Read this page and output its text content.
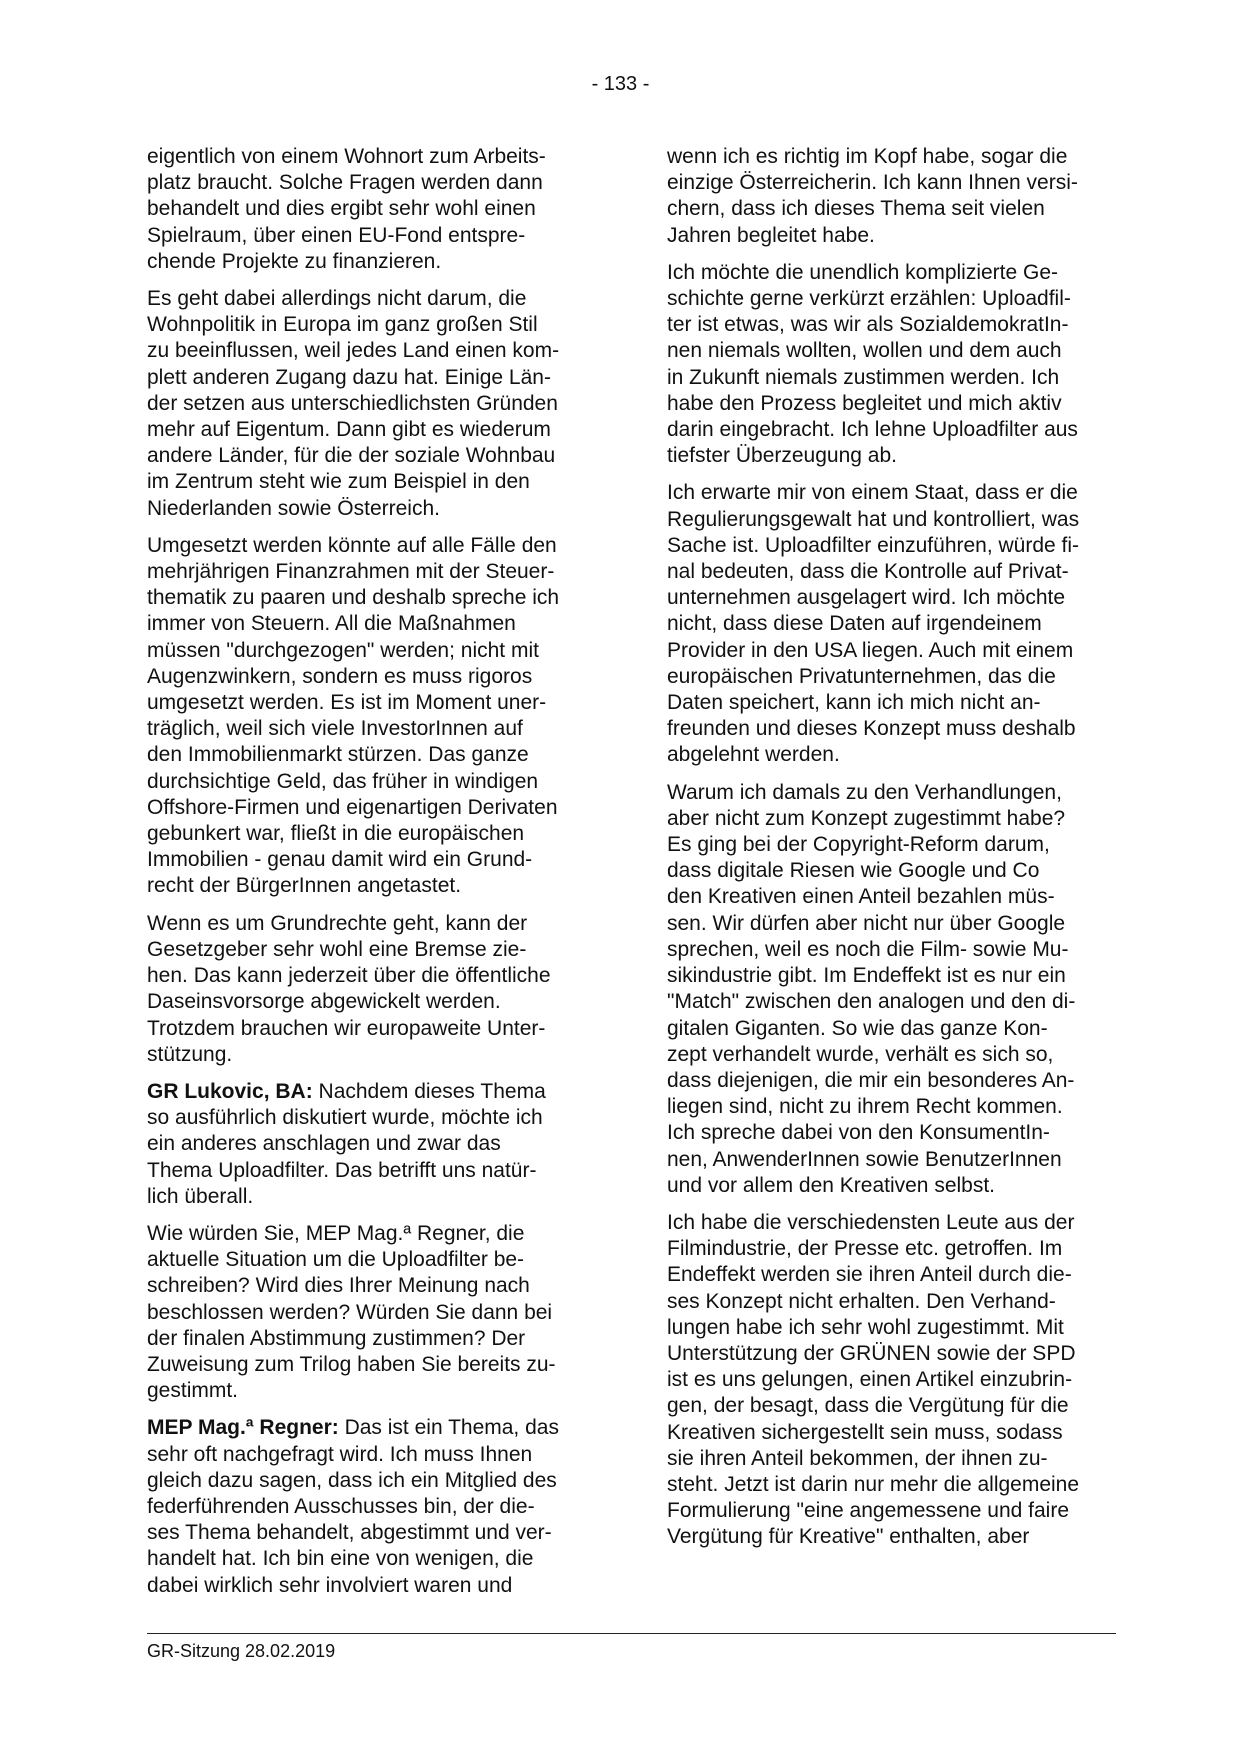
- 133 -

eigentlich von einem Wohnort zum Arbeits-
platz braucht. Solche Fragen werden dann
behandelt und dies ergibt sehr wohl einen
Spielraum, über einen EU-Fond entspre-
chende Projekte zu finanzieren.

Es geht dabei allerdings nicht darum, die
Wohnpolitik in Europa im ganz großen Stil
zu beeinflussen, weil jedes Land einen kom-
plett anderen Zugang dazu hat. Einige Län-
der setzen aus unterschiedlichsten Gründen
mehr auf Eigentum. Dann gibt es wiederum
andere Länder, für die der soziale Wohnbau
im Zentrum steht wie zum Beispiel in den
Niederlanden sowie Österreich.

Umgesetzt werden könnte auf alle Fälle den
mehrjährigen Finanzrahmen mit der Steuer-
thematik zu paaren und deshalb spreche ich
immer von Steuern. All die Maßnahmen
müssen "durchgezogen" werden; nicht mit
Augenzwinkern, sondern es muss rigoros
umgesetzt werden. Es ist im Moment uner-
träglich, weil sich viele InvestorInnen auf
den Immobilienmarkt stürzen. Das ganze
durchsichtige Geld, das früher in windigen
Offshore-Firmen und eigenartigen Derivaten
gebunkert war, fließt in die europäischen
Immobilien - genau damit wird ein Grund-
recht der BürgerInnen angetastet.

Wenn es um Grundrechte geht, kann der
Gesetzgeber sehr wohl eine Bremse zie-
hen. Das kann jederzeit über die öffentliche
Daseinsvorsorge abgewickelt werden.
Trotzdem brauchen wir europaweite Unter-
stützung.

GR Lukovic, BA: Nachdem dieses Thema
so ausführlich diskutiert wurde, möchte ich
ein anderes anschlagen und zwar das
Thema Uploadfilter. Das betrifft uns natür-
lich überall.

Wie würden Sie, MEP Mag.ª Regner, die
aktuelle Situation um die Uploadfilter be-
schreiben? Wird dies Ihrer Meinung nach
beschlossen werden? Würden Sie dann bei
der finalen Abstimmung zustimmen? Der
Zuweisung zum Trilog haben Sie bereits zu-
gestimmt.

MEP Mag.ª Regner: Das ist ein Thema, das
sehr oft nachgefragt wird. Ich muss Ihnen
gleich dazu sagen, dass ich ein Mitglied des
federführenden Ausschusses bin, der die-
ses Thema behandelt, abgestimmt und ver-
handelt hat. Ich bin eine von wenigen, die
dabei wirklich sehr involviert waren und

wenn ich es richtig im Kopf habe, sogar die
einzige Österreicherin. Ich kann Ihnen versi-
chern, dass ich dieses Thema seit vielen
Jahren begleitet habe.

Ich möchte die unendlich komplizierte Ge-
schichte gerne verkürzt erzählen: Uploadfil-
ter ist etwas, was wir als SozialdemokratIn-
nen niemals wollten, wollen und dem auch
in Zukunft niemals zustimmen werden. Ich
habe den Prozess begleitet und mich aktiv
darin eingebracht. Ich lehne Uploadfilter aus
tiefster Überzeugung ab.

Ich erwarte mir von einem Staat, dass er die
Regulierungsgewalt hat und kontrolliert, was
Sache ist. Uploadfilter einzuführen, würde fi-
nal bedeuten, dass die Kontrolle auf Privat-
unternehmen ausgelagert wird. Ich möchte
nicht, dass diese Daten auf irgendeinem
Provider in den USA liegen. Auch mit einem
europäischen Privatunternehmen, das die
Daten speichert, kann ich mich nicht an-
freunden und dieses Konzept muss deshalb
abgelehnt werden.

Warum ich damals zu den Verhandlungen,
aber nicht zum Konzept zugestimmt habe?
Es ging bei der Copyright-Reform darum,
dass digitale Riesen wie Google und Co
den Kreativen einen Anteil bezahlen müs-
sen. Wir dürfen aber nicht nur über Google
sprechen, weil es noch die Film- sowie Mu-
sikindustrie gibt. Im Endeffekt ist es nur ein
"Match" zwischen den analogen und den di-
gitalen Giganten. So wie das ganze Kon-
zept verhandelt wurde, verhält es sich so,
dass diejenigen, die mir ein besonderes An-
liegen sind, nicht zu ihrem Recht kommen.
Ich spreche dabei von den KonsumentIn-
nen, AnwenderInnen sowie BenutzerInnen
und vor allem den Kreativen selbst.

Ich habe die verschiedensten Leute aus der
Filmindustrie, der Presse etc. getroffen. Im
Endeffekt werden sie ihren Anteil durch die-
ses Konzept nicht erhalten. Den Verhand-
lungen habe ich sehr wohl zugestimmt. Mit
Unterstützung der GRÜNEN sowie der SPD
ist es uns gelungen, einen Artikel einzubrin-
gen, der besagt, dass die Vergütung für die
Kreativen sichergestellt sein muss, sodass
sie ihren Anteil bekommen, der ihnen zu-
steht. Jetzt ist darin nur mehr die allgemeine
Formulierung "eine angemessene und faire
Vergütung für Kreative" enthalten, aber

GR-Sitzung 28.02.2019
